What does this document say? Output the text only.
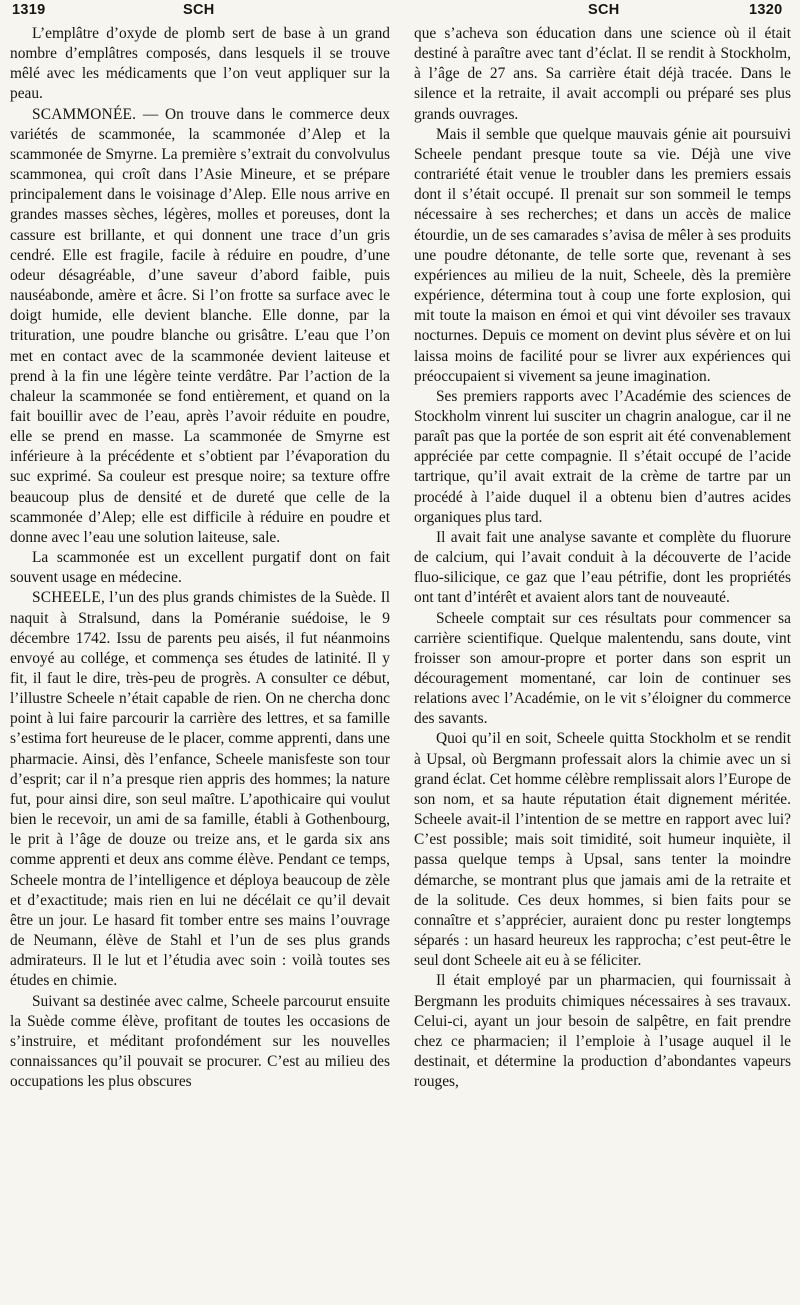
1319	SCH	SCH	1320

L’emplâtre d’oxyde de plomb sert de base à un grand nombre d’emplâtres composés, dans lesquels il se trouve mêlé avec les médicaments que l’on veut appliquer sur la peau.

SCAMMONÉE. — On trouve dans le commerce deux variétés de scammonée, la scammonée d’Alep et la scammonée de Smyrne. La première s’extrait du convolvulus scammonea, qui croît dans l’Asie Mineure, et se prépare principalement dans le voisinage d’Alep. Elle nous arrive en grandes masses sèches, légères, molles et poreuses, dont la cassure est brillante, et qui donnent une trace d’un gris cendré. Elle est fragile, facile à réduire en poudre, d’une odeur désagréable, d’une saveur d’abord faible, puis nauséabonde, amère et âcre. Si l’on frotte sa surface avec le doigt humide, elle devient blanche. Elle donne, par la trituration, une poudre blanche ou grisâtre. L’eau que l’on met en contact avec de la scammonée devient laiteuse et prend à la fin une légère teinte verdâtre. Par l’action de la chaleur la scammonée se fond entièrement, et quand on la fait bouillir avec de l’eau, après l’avoir réduite en poudre, elle se prend en masse. La scammonée de Smyrne est inférieure à la précédente et s’obtient par l’évaporation du suc exprimé. Sa couleur est presque noire; sa texture offre beaucoup plus de densité et de dureté que celle de la scammonée d’Alep; elle est difficile à réduire en poudre et donne avec l’eau une solution laiteuse, sale.

La scammonée est un excellent purgatif dont on fait souvent usage en médecine.

SCHEELE, l’un des plus grands chimistes de la Suède. Il naquit à Stralsund, dans la Poméranie suédoise, le 9 décembre 1742. Issu de parents peu aisés, il fut néanmoins envoyé au collége, et commença ses études de latinité. Il y fit, il faut le dire, très-peu de progrès. A consulter ce début, l’illustre Scheele n’était capable de rien. On ne chercha donc point à lui faire parcourir la carrière des lettres, et sa famille s’estima fort heureuse de le placer, comme apprenti, dans une pharmacie. Ainsi, dès l’enfance, Scheele manisfeste son tour d’esprit; car il n’a presque rien appris des hommes; la nature fut, pour ainsi dire, son seul maître. L’apothicaire qui voulut bien le recevoir, un ami de sa famille, établi à Gothenbourg, le prit à l’âge de douze ou treize ans, et le garda six ans comme apprenti et deux ans comme élève. Pendant ce temps, Scheele montra de l’intelligence et déploya beaucoup de zèle et d’exactitude; mais rien en lui ne décélait ce qu’il devait être un jour. Le hasard fit tomber entre ses mains l’ouvrage de Neumann, élève de Stahl et l’un de ses plus grands admirateurs. Il le lut et l’étudia avec soin : voilà toutes ses études en chimie.

Suivant sa destinée avec calme, Scheele parcourut ensuite la Suède comme élève, profitant de toutes les occasions de s’instruire, et méditant profondément sur les nouvelles connaissances qu’il pouvait se procurer. C’est au milieu des occupations les plus obscures

que s’acheva son éducation dans une science où il était destiné à paraître avec tant d’éclat. Il se rendit à Stockholm, à l’âge de 27 ans. Sa carrière était déjà tracée. Dans le silence et la retraite, il avait accompli ou préparé ses plus grands ouvrages.

Mais il semble que quelque mauvais génie ait poursuivi Scheele pendant presque toute sa vie. Déjà une vive contrariété était venue le troubler dans les premiers essais dont il s’était occupé. Il prenait sur son sommeil le temps nécessaire à ses recherches; et dans un accès de malice étourdie, un de ses camarades s’avisa de mêler à ses produits une poudre détonante, de telle sorte que, revenant à ses expériences au milieu de la nuit, Scheele, dès la première expérience, détermina tout à coup une forte explosion, qui mit toute la maison en émoi et qui vint dévoiler ses travaux nocturnes. Depuis ce moment on devint plus sévère et on lui laissa moins de facilité pour se livrer aux expériences qui préoccupaient si vivement sa jeune imagination.

Ses premiers rapports avec l’Académie des sciences de Stockholm vinrent lui susciter un chagrin analogue, car il ne paraît pas que la portée de son esprit ait été convenablement appréciée par cette compagnie. Il s’était occupé de l’acide tartrique, qu’il avait extrait de la crème de tartre par un procédé à l’aide duquel il a obtenu bien d’autres acides organiques plus tard.

Il avait fait une analyse savante et complète du fluorure de calcium, qui l’avait conduit à la découverte de l’acide fluo-silicique, ce gaz que l’eau pétrifie, dont les propriétés ont tant d’intérêt et avaient alors tant de nouveauté.

Scheele comptait sur ces résultats pour commencer sa carrière scientifique. Quelque malentendu, sans doute, vint froisser son amour-propre et porter dans son esprit un découragement momentané, car loin de continuer ses relations avec l’Académie, on le vit s’éloigner du commerce des savants.

Quoi qu’il en soit, Scheele quitta Stockholm et se rendit à Upsal, où Bergmann professait alors la chimie avec un si grand éclat. Cet homme célèbre remplissait alors l’Europe de son nom, et sa haute réputation était dignement méritée. Scheele avait-il l’intention de se mettre en rapport avec lui? C’est possible; mais soit timidité, soit humeur inquiète, il passa quelque temps à Upsal, sans tenter la moindre démarche, se montrant plus que jamais ami de la retraite et de la solitude. Ces deux hommes, si bien faits pour se connaître et s’apprécier, auraient donc pu rester longtemps séparés : un hasard heureux les rapprocha; c’est peut-être le seul dont Scheele ait eu à se féliciter.

Il était employé par un pharmacien, qui fournissait à Bergmann les produits chimiques nécessaires à ses travaux. Celui-ci, ayant un jour besoin de salpêtre, en fait prendre chez ce pharmacien; il l’emploie à l’usage auquel il le destinait, et détermine la production d’abondantes vapeurs rouges,
